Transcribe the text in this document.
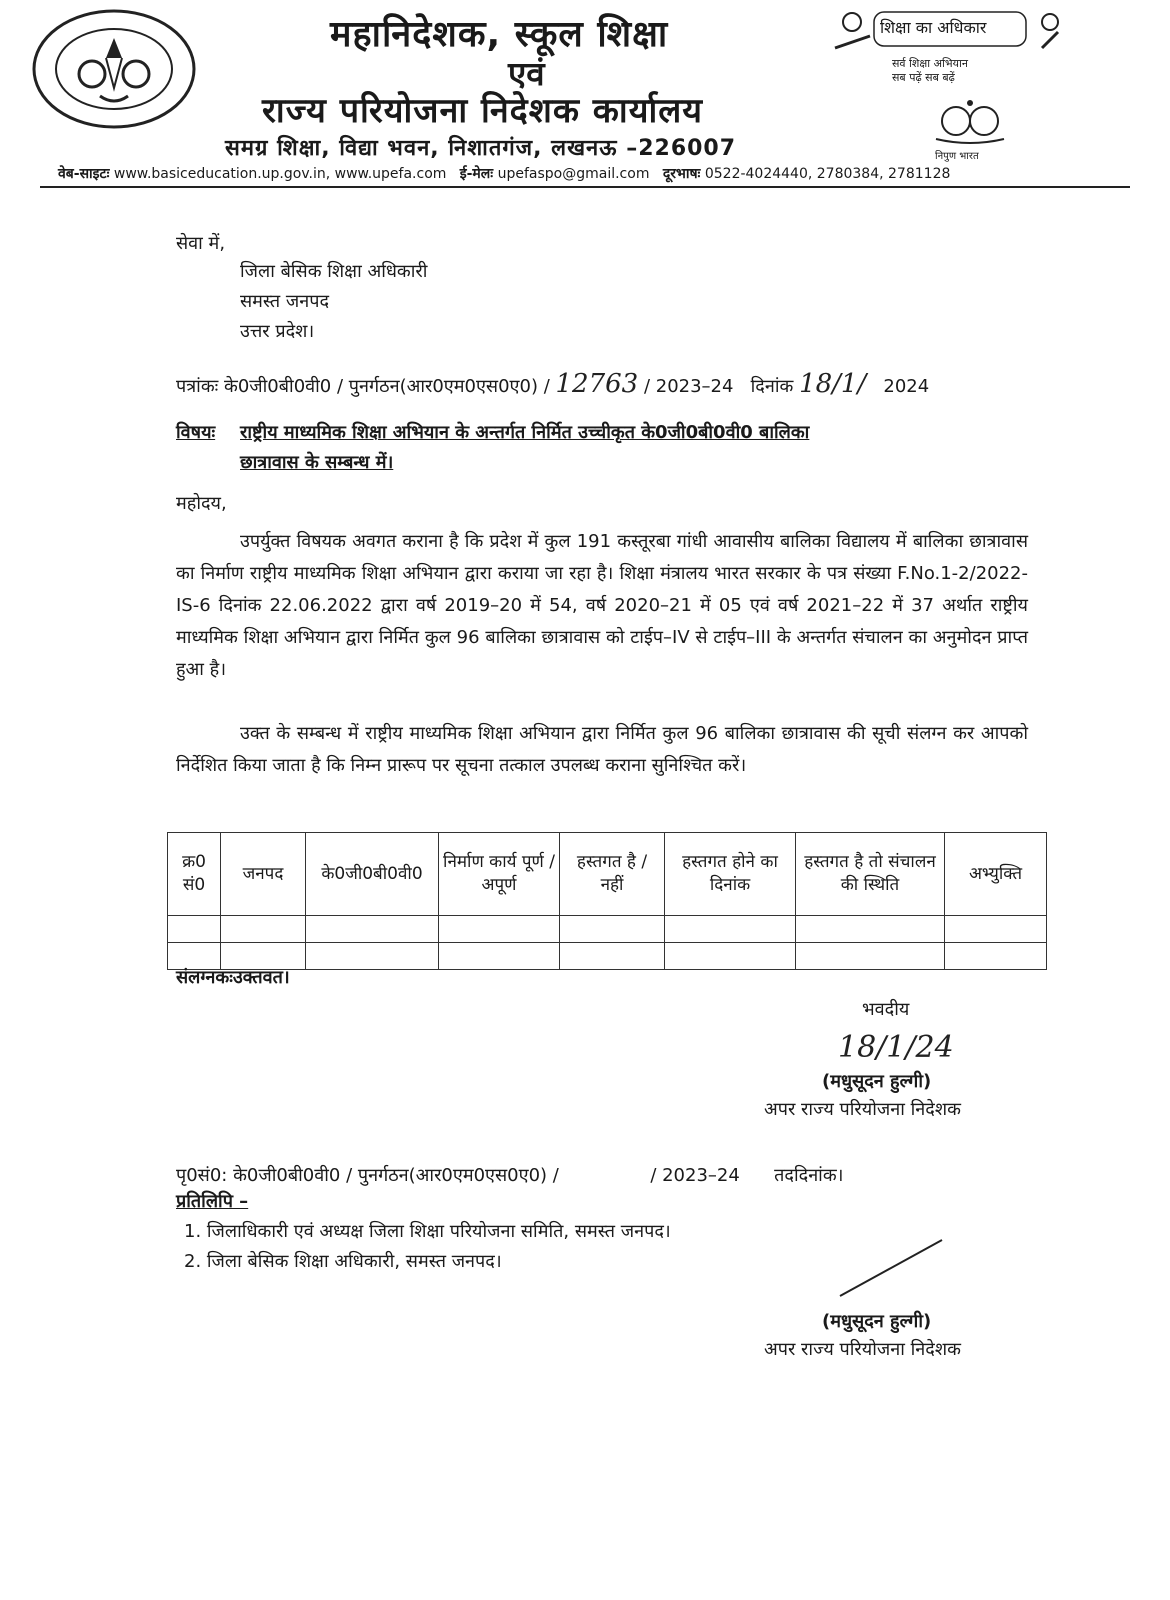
महानिदेशक, स्कूल शिक्षा
एवं
राज्य परियोजना निदेशक कार्यालय
समग्र शिक्षा, विद्या भवन, निशातगंज, लखनऊ –226007
शिक्षा का अधिकार
सर्व शिक्षा अभियान
सब पढ़ें सब बढ़ें
निपुण भारत
वेब-साइटः www.basiceducation.up.gov.in, www.upefa.com ई-मेलः upefaspo@gmail.com दूरभाषः 0522-4024440, 2780384, 2781128
सेवा में,
जिला बेसिक शिक्षा अधिकारी
समस्त जनपद
उत्तर प्रदेश।
पत्रांकः के0जी0बी0वी0 / पुनर्गठन(आर0एम0एस0ए0) / 12763 / 2023–24 दिनांक 18/1/ 2024
विषयः राष्ट्रीय माध्यमिक शिक्षा अभियान के अन्तर्गत निर्मित उच्चीकृत के0जी0बी0वी0 बालिका
छात्रावास के सम्बन्ध में।
महोदय,
उपर्युक्त विषयक अवगत कराना है कि प्रदेश में कुल 191 कस्तूरबा गांधी आवासीय बालिका विद्यालय में बालिका छात्रावास का निर्माण राष्ट्रीय माध्यमिक शिक्षा अभियान द्वारा कराया जा रहा है। शिक्षा मंत्रालय भारत सरकार के पत्र संख्या F.No.1-2/2022-IS-6 दिनांक 22.06.2022 द्वारा वर्ष 2019–20 में 54, वर्ष 2020–21 में 05 एवं वर्ष 2021–22 में 37 अर्थात राष्ट्रीय माध्यमिक शिक्षा अभियान द्वारा निर्मित कुल 96 बालिका छात्रावास को टाईप–IV से टाईप–III के अन्तर्गत संचालन का अनुमोदन प्राप्त हुआ है।
उक्त के सम्बन्ध में राष्ट्रीय माध्यमिक शिक्षा अभियान द्वारा निर्मित कुल 96 बालिका छात्रावास की सूची संलग्न कर आपको निर्देशित किया जाता है कि निम्न प्रारूप पर सूचना तत्काल उपलब्ध कराना सुनिश्चित करें।
क्र0 सं0	जनपद	के0जी0बी0वी0	निर्माण कार्य पूर्ण / अपूर्ण	हस्तगत है / नहीं	हस्तगत होने का दिनांक	हस्तगत है तो संचालन की स्थिति	अभ्युक्ति

संलग्नकःउक्तवत।
भवदीय
18/1/24
(मधुसूदन हुल्गी)
अपर राज्य परियोजना निदेशक
पृ0सं0: के0जी0बी0वी0 / पुनर्गठन(आर0एम0एस0ए0) /	/ 2023–24 तददिनांक।
प्रतिलिपि –
1. जिलाधिकारी एवं अध्यक्ष जिला शिक्षा परियोजना समिति, समस्त जनपद।
2. जिला बेसिक शिक्षा अधिकारी, समस्त जनपद।
(मधुसूदन हुल्गी)
अपर राज्य परियोजना निदेशक
